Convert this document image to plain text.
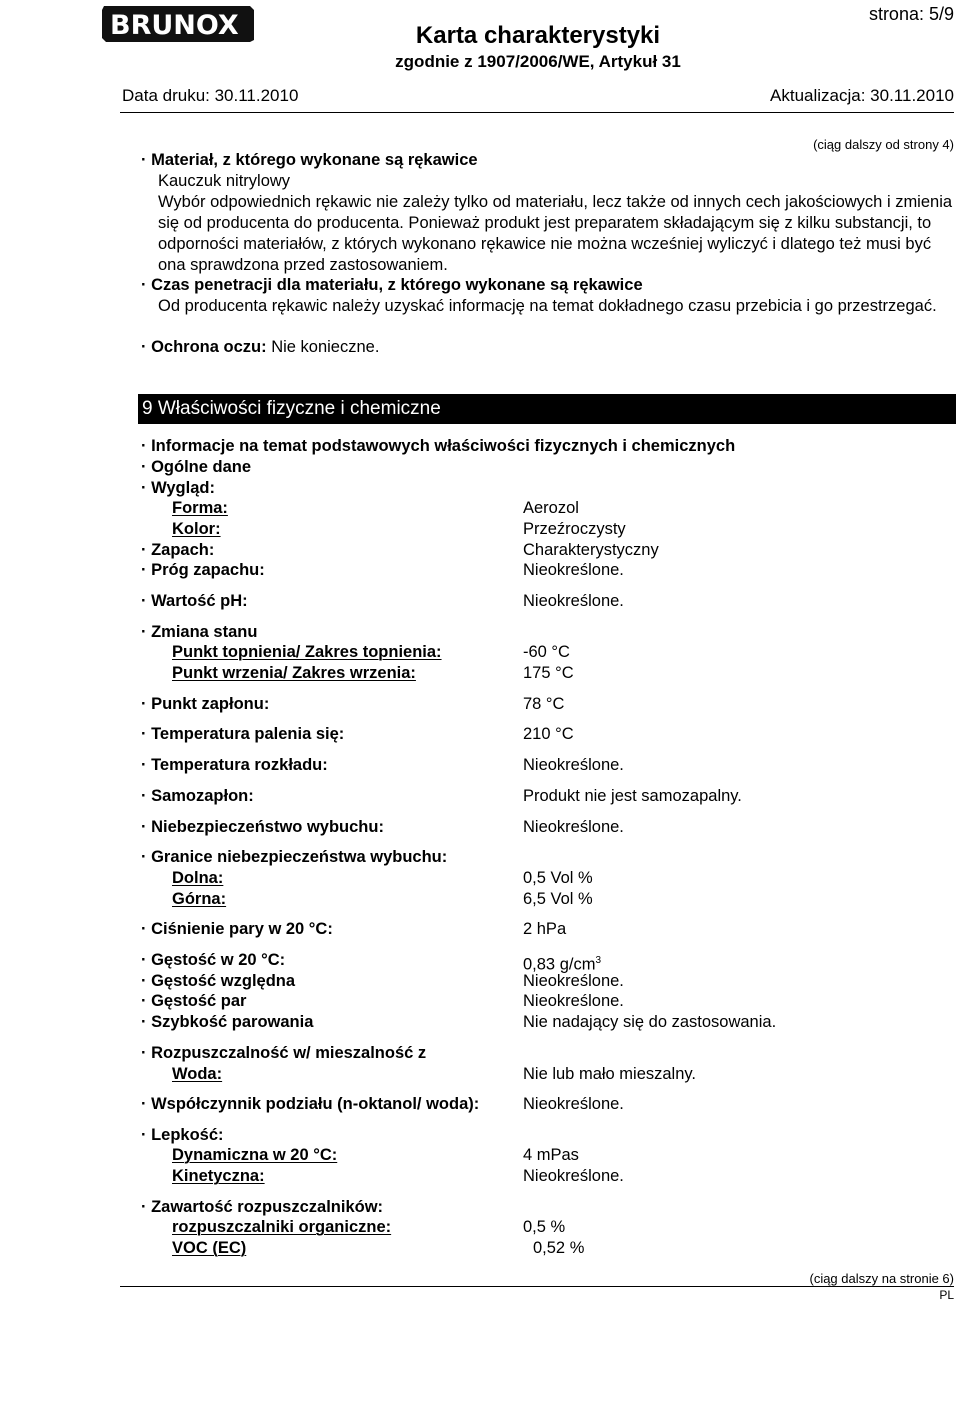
BRUNOX	strona: 5/9
Karta charakterystyki
zgodnie z 1907/2006/WE, Artykuł 31
Data druku: 30.11.2010	Aktualizacja: 30.11.2010
(ciąg dalszy od strony 4)
· Materiał, z którego wykonane są rękawice
Kauczuk nitrylowy
Wybór odpowiednich rękawic nie zależy tylko od materiału, lecz także od innych cech jakościowych i zmienia się od producenta do producenta. Ponieważ produkt jest preparatem składającym się z kilku substancji, to odporności materiałów, z których wykonano rękawice nie można wcześniej wyliczyć i dlatego też musi być ona sprawdzona przed zastosowaniem.
· Czas penetracji dla materiału, z którego wykonane są rękawice
Od producenta rękawic należy uzyskać informację na temat dokładnego czasu przebicia i go przestrzegać.
· Ochrona oczu: Nie konieczne.
9 Właściwości fizyczne i chemiczne
· Informacje na temat podstawowych właściwości fizycznych i chemicznych
· Ogólne dane
· Wygląd:
Forma:	Aerozol
Kolor:	Przeźroczysty
· Zapach:	Charakterystyczny
· Próg zapachu:	Nieokreślone.
· Wartość pH:	Nieokreślone.
· Zmiana stanu
Punkt topnienia/ Zakres topnienia:	-60 °C
Punkt wrzenia/ Zakres wrzenia:	175 °C
· Punkt zapłonu:	78 °C
· Temperatura palenia się:	210 °C
· Temperatura rozkładu:	Nieokreślone.
· Samozapłon:	Produkt nie jest samozapalny.
· Niebezpieczeństwo wybuchu:	Nieokreślone.
· Granice niebezpieczeństwa wybuchu:
Dolna:	0,5 Vol %
Górna:	6,5 Vol %
· Ciśnienie pary w 20 °C:	2 hPa
· Gęstość w 20 °C:	0,83 $g/cm^3$
· Gęstość względna	Nieokreślone.
· Gęstość par	Nieokreślone.
· Szybkość parowania	Nie nadający się do zastosowania.
· Rozpuszczalność w/ mieszalność z
Woda:	Nie lub mało mieszalny.
· Współczynnik podziału (n-oktanol/ woda):	Nieokreślone.
· Lepkość:
Dynamiczna w 20 °C:	4 mPas
Kinetyczna:	Nieokreślone.
· Zawartość rozpuszczalników:
rozpuszczalniki organiczne:	0,5 %
VOC (EC)	0,52 %
(ciąg dalszy na stronie 6)
PL
